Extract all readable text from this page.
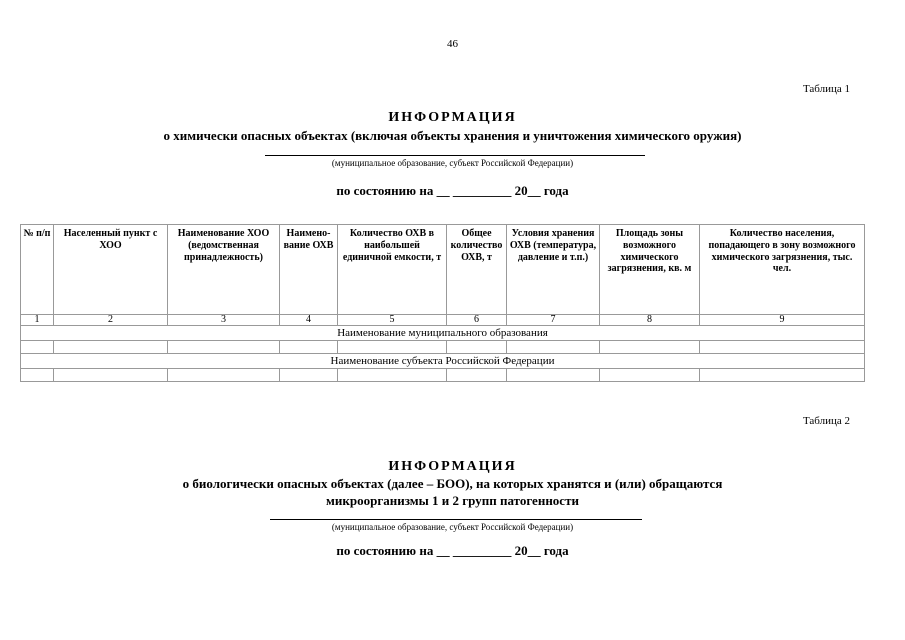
46
Таблица 1
ИНФОРМАЦИЯ
о химически опасных объектах (включая объекты хранения и уничтожения химического оружия)
(муниципальное образование, субъект Российской Федерации)
по состоянию на __ _________ 20__ года
№ п/п	Населенный пункт с ХОО	Наименование ХОО (ведомственная принадлежность)	Наимено-вание ОХВ	Количество ОХВ в наибольшей единичной емкости, т	Общее количество ОХВ, т	Условия хранения ОХВ (температура, давление и т.п.)	Площадь зоны возможного химического загрязнения, кв. м	Количество населения, попадающего в зону возможного химического загрязнения, тыс. чел.
1	2	3	4	5	6	7	8	9
Наименование муниципального образования								

Наименование субъекта Российской Федерации								

Таблица 2
ИНФОРМАЦИЯ
о биологически опасных объектах (далее – БОО), на которых хранятся и (или) обращаются
микроорганизмы 1 и 2 групп патогенности
(муниципальное образование, субъект Российской Федерации)
по состоянию на __ _________ 20__ года
